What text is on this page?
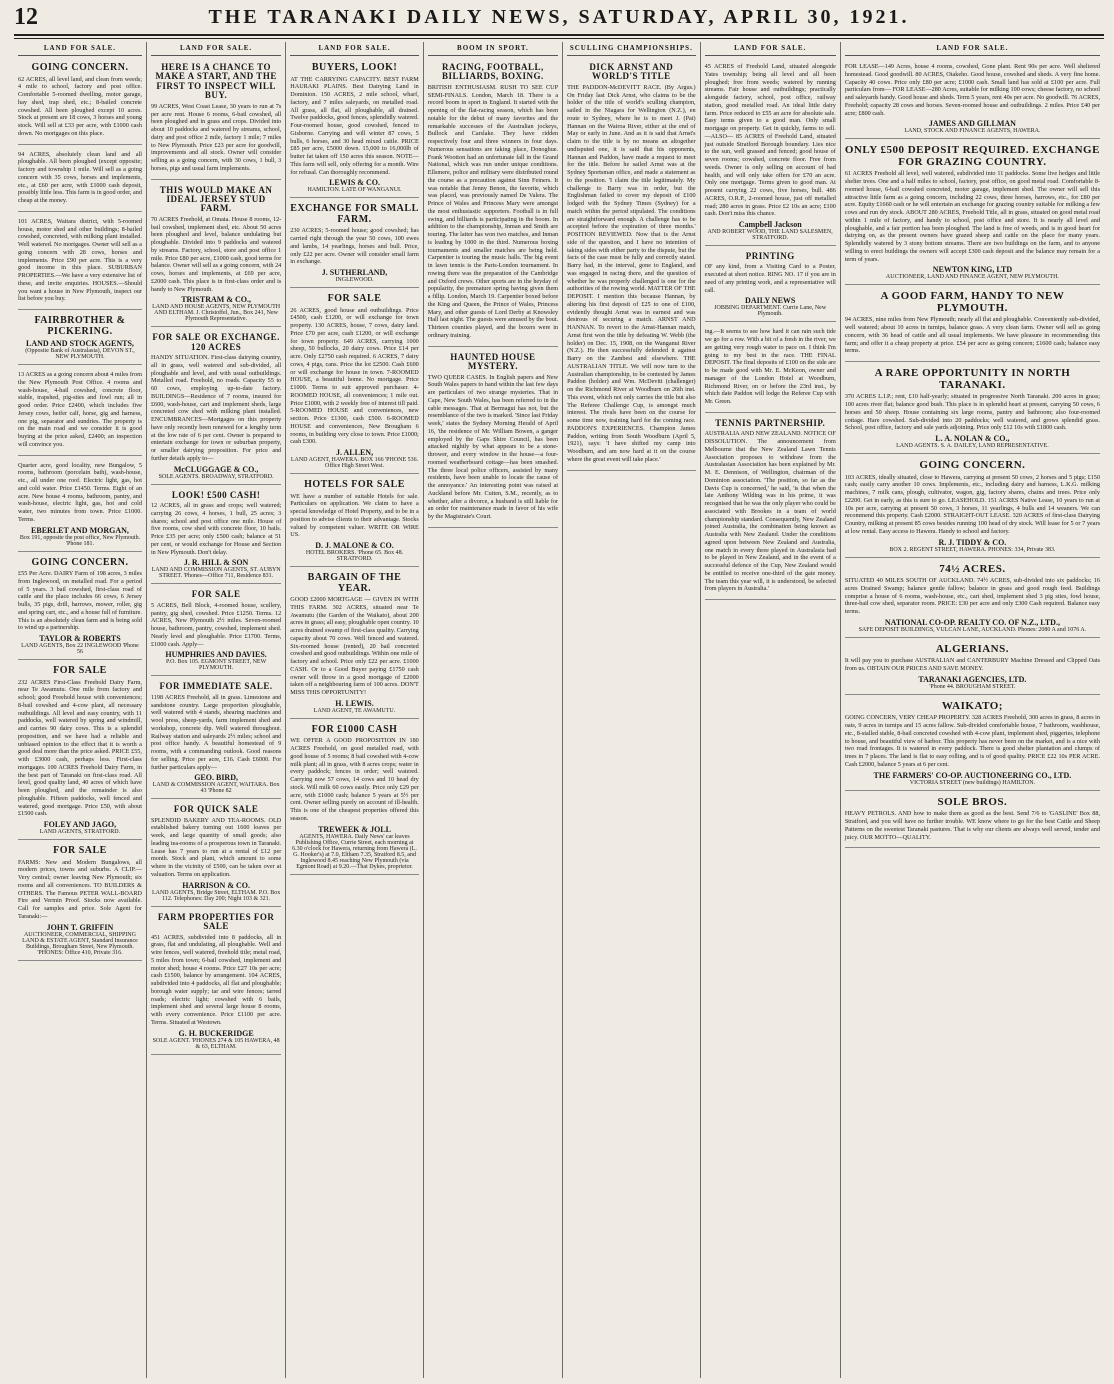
12	THE TARANAKI DAILY NEWS, SATURDAY, APRIL 30, 1921.
LAND FOR SALE.
GOING CONCERN.
62 ACRES, all level land, and clean from weeds; 4 mile to school, factory and post office. Comfortable 5-roomed dwelling, motor garage, hay shed, trap shed, etc.; 8-bailed concrete cowshed. All been ploughed except 10 acres. Stock at present are 18 cows, 3 horses and young stock. Will sell at £33 per acre, with £1000 cash down. No mortgages on this place.
94 ACRES, absolutely clean land and all ploughable. All been ploughed (except opposite; factory and township 1 mile. Will sell as a going concern with 35 cows, horses and implements, etc., at £60 per acre, with £1000 cash deposit, possibly little less. This farm is in good order, and cheap at the money.
101 ACRES, Waitara district, with 5-roomed house, motor shed and other buildings; 8-bailed cowshed, concreted, with milking plant installed. Well watered. No mortgages. Owner will sell as a going concern with 28 cows, horses and implements. Price £90 per acre. This is a very good income in this place. SUBURBAN PROPERTIES.—We have a very extensive list of these, and invite enquiries. HOUSES.—Should you want a house in New Plymouth, inspect our list before you buy.
FAIRBROTHER & PICKERING.
LAND AND STOCK AGENTS,
(Opposite Bank of Australasia), DEVON ST., NEW PLYMOUTH.
13 ACRES as a going concern about 4 miles from the New Plymouth Post Office. 4 rooms and wash-house, 4-bail cowshed, concrete floor, stable, trapshed, pig-sties and fowl run; all in good order. Price £2400, which includes five Jersey cows, heifer calf, horse, gig and harness, one pig, separator and sundries. The property is on the main road and we consider it is good buying at the price asked, £2400; an inspection will convince you.
Quarter acre, good locality, new Bungalow, 5 rooms, bathroom (porcelain bath), wash-house, etc., all under one roof. Electric light, gas, hot and cold water. Price £1450. Terms. Eight of an acre. New house 4 rooms, bathroom, pantry, and wash-house, electric light, gas, hot and cold water, two minutes from town. Price £1000. Terms.
EBERLET AND MORGAN,
Box 191, opposite the post office, New Plymouth. 'Phone 181.
GOING CONCERN.
£55 Per Acre. DAIRY Farm of 198 acres, 3 miles from Inglewood, on metalled road. For a period of 5 years. 3 bail cowshed, first-class road of cattle and the place includes 66 cows, 6 Jersey bulls, 35 pigs, drill, harrows, mower, roller, gig and spring cart, etc., and a house full of furniture. This is an absolutely clean farm and is being sold to wind up a partnership.
TAYLOR & ROBERTS
LAND AGENTS, Box 22 INGLEWOOD 'Phone 56
FOR SALE
232 ACRES First-Class Freehold Dairy Farm, near Te Awamutu. One mile from factory and school; good Freehold house with conveniences; 8-bail cowshed and 4-cow plant, all necessary outbuildings. All level and easy country, with 11 paddocks, well watered by spring and windmill, and carries 90 dairy cows. This is a splendid proposition, and we have had a reliable and unbiased opinion to the effect that it is worth a good deal more than the price asked. PRICE £55, with £3000 cash, perhaps less. First-class mortgages. 100 ACRES Freehold Dairy Farm, in the best part of Taranaki on first-class road. All level, good quality land, 40 acres of which have been ploughed, and the remainder is also ploughable. Fifteen paddocks, well fenced and watered, good mortgage. Price £50, with about £1500 cash.
FOLEY AND JAGO,
LAND AGENTS, STRATFORD.
FOR SALE
FARMS: New and Modern Bungalows, all modern prices, towns and suburbs. A CLIP.—Very central; owner leaving New Plymouth; six rooms and all conveniences. TO BUILDERS & OTHERS. The Famous PETER WALL-BOARD Fire and Vermin Proof. Stocks now available. Call for samples and price. Sole Agent for Taranaki:—
JOHN T. GRIFFIN
AUCTIONEER, COMMERCIAL, SHIPPING LAND & ESTATE AGENT, Standard Insurance Buildings, Brougham Street, New Plymouth. 'PHONES: Office 410, Private 316.
LAND FOR SALE.
HERE IS A CHANCE TO MAKE A START, AND THE FIRST TO INSPECT WILL BUY.
99 ACRES, West Coast Lease, 30 years to run at 7s per acre rent. House 6 rooms, 6-bail cowshed, all been ploughed and in grass and crops. Divided into about 10 paddocks and watered by streams, school, dairy and post office 2 mile, factory 1 mile; 7 miles to New Plymouth. Price £23 per acre for goodwill, improvements and all stock. Owner will consider selling as a going concern, with 30 cows, 1 bull, 3 horses, pigs and usual farm implements.
THIS WOULD MAKE AN IDEAL JERSEY STUD FARM.
70 ACRES Freehold, at Omata. House 8 rooms, 12-bail cowshed, implement shed, etc. About 50 acres been ploughed and level, balance undulating but ploughable. Divided into 9 paddocks and watered by streams. Factory, school, store and post office 1 mile. Price £80 per acre, £1000 cash, good terms for balance. Owner will sell as a going concern, with 24 cows, horses and implements, at £69 per acre, £2000 cash. This place is in first-class order and is handy to New Plymouth.
TRISTRAM & CO.,
LAND AND HOUSE AGENTS, NEW PLYMOUTH AND ELTHAM. J. Christoffel, Jun., Box 241, New Plymouth Representative.
FOR SALE OR EXCHANGE. 120 ACRES
HANDY SITUATION. First-class dairying country, all in grass, well watered and sub-divided, all ploughable and level, and with usual outbuildings. Metalled road. Freehold, no roads. Capacity 55 to 60 cows, employing up-to-date factory. BUILDINGS—Residence of 7 rooms, insured for £600, wash-house, cart and implement sheds, large concreted cow shed with milking plant installed. ENCUMBRANCES—Mortgages on this property have only recently been renewed for a lengthy term at the low rate of 6 per cent. Owner is prepared to entertain exchange for town or suburban property, or smaller dairying proposition. For price and further details apply to—
McCLUGGAGE & CO.,
SOLE AGENTS. BROADWAY, STRATFORD.
LOOK! £500 CASH!
12 ACRES, all in grass and crops; well watered; carrying 26 cows, 4 horses, 1 bull, 25 acres; 3 shares; school and post office one mile. House of five rooms, cow shed with concrete floor, 10 bails. Price £35 per acre; only £500 cash; balance at 51 per cent, or would exchange for House and Section in New Plymouth. Don't delay.
J. R. HILL & SON
LAND AND COMMISSION AGENTS, ST. AUBYN STREET. 'Phones—Office 711, Residence 831.
FOR SALE
5 ACRES, Bell Block, 4-roomed house, scullery, pantry, gig shed, cowshed. Price £1250. Terms. 12 ACRES, New Plymouth 2½ miles. Seven-roomed house, bathroom, pantry, cowshed, implement shed. Nearly level and ploughable. Price £1700. Terms, £1000 cash. Apply—
HUMPHRIES AND DAVIES.
P.O. Box 105. EGMONT STREET, NEW PLYMOUTH.
FOR IMMEDIATE SALE.
1198 ACRES Freehold, all in grass. Limestone and sandstone country. Large proportion ploughable, well watered with 4 stands, shearing machines and wool press, sheep-yards, farm implement shed and workshop, concrete dip. Well watered throughout. Railway station and saleyards 2½ miles; school and post office handy. A beautiful homestead of 9 rooms, with a commanding outlook. Good reasons for selling. Price per acre, £16. Cash £6000. For further particulars apply—
GEO. BIRD,
LAND & COMMISSION AGENT, WAITARA. Box 43 'Phone 82
FOR QUICK SALE
SPLENDID BAKERY AND TEA-ROOMS. OLD established bakery turning out 1600 loaves per week, and large quantity of small goods; also leading tea-rooms of a prosperous town in Taranaki. Lease has 7 years to run at a rental of £12 per month. Stock and plant, which amount to some where in the vicinity of £500, can be taken over at valuation. Terms on application.
HARRISON & CO.
LAND AGENTS, Bridge Street, ELTHAM. P.O. Box 112. Telephones: Day 200; Night 103 & 321.
FARM PROPERTIES FOR SALE
451 ACRES, subdivided into 8 paddocks, all in grass, flat and undulating, all ploughable. Well and wire fences, well watered, freehold title; metal road, 5 miles from town; 6-bail cowshed, implement and motor shed; house 4 rooms. Price £27 10s per acre; cash £1500, balance by arrangement. 104 ACRES, subdivided into 4 paddocks, all flat and ploughable; borough water supply; tar and wire fences; tarred roads; electric light; cowshed with 6 bails, implement shed and several large house 8 rooms, with every convenience. Price £1100 per acre. Terms. Situated at Westown.
G. H. BUCKERIDGE
SOLE AGENT. 'PHONES 274 & 105 HAWERA, 48 & 63, ELTHAM.
LAND FOR SALE.
BUYERS, LOOK!
AT THE CARRYING CAPACITY. BEST FARM HAURAKI PLAINS. Best Dairying Land in Dominion. 150 ACRES, 2 mile school, wharf, factory, and 7 miles saleyards, on metalled road. All grass, all flat, all ploughable, all drained. Twelve paddocks, good fences, splendidly watered. Four-roomed house, good cowshed, fenced to Gisborne. Carrying and will winter 87 cows, 5 bulls, 6 horses, and 30 head mixed cattle. PRICE £85 per acre, £5000 down. 15,000 to 16,000lb of butter fat taken off 150 acres this season. NOTE—This farm will sell, only offering for a month. Wire for refusal. Can thoroughly recommend.
LEWIS & CO.
HAMILTON. LATE OF WANGANUI.
EXCHANGE FOR SMALL FARM.
230 ACRES; 5-roomed house; good cowshed; has carried right through the year 50 cows, 100 ewes and lambs, 14 yearlings, horses and bull. Price, only £22 per acre. Owner will consider small farm in exchange.
J. SUTHERLAND,
INGLEWOOD.
FOR SALE
26 ACRES, good house and outbuildings. Price £4500, cash £1200, or will exchange for town property. 130 ACRES, house, 7 cows, dairy land. Price £70 per acre, cash £1200, or will exchange for town property. 649 ACRES, carrying 1000 sheep, 50 bullocks, 20 dairy cows. Price £14 per acre. Only £2750 cash required. 6 ACRES, 7 dairy cows, 4 pigs, cans. Price the lot £2500. Cash £600 or will exchange for house in town. 7-ROOMED HOUSE, a beautiful home. No mortgage. Price £1000. Terms to suit approved purchaser. 4-ROOMED HOUSE, all conveniences; 1 mile out. Price £1000, with 2 weekly free of interest till paid. 5-ROOMED HOUSE and conveniences, new section. Price £1300, cash £500. 6-ROOMED HOUSE and conveniences, New Brougham 6 rooms, in building very close to town. Price £1000; cash £300.
J. ALLEN,
LAND AGENT, HAWERA. BOX 166 'PHONE 536. Office High Street West.
HOTELS FOR SALE
WE have a number of suitable Hotels for sale. Particulars on application. We claim to have a special knowledge of Hotel Property, and to be in a position to advise clients to their advantage. Stocks valued by competent valuer. WRITE OR WIRE US.
D. J. MALONE & CO.
HOTEL BROKERS. 'Phone 65. Box 48. STRATFORD.
BARGAIN OF THE YEAR.
GOOD £2000 MORTGAGE — GIVEN IN WITH THIS FARM. 302 ACRES, situated near Te Awamutu (the Garden of the Waikato), about 200 acres in grass; all easy, ploughable open country. 10 acres drained swamp of first-class quality. Carrying capacity about 70 cows. Well fenced and watered. Six-roomed house (rented), 20 bail concreted cowshed and good outbuildings. Within one mile of factory and school. Price only £22 per acre. £1000 CASH. Or to a Good Buyer paying £1750 cash owner will throw in a good mortgage of £2000 taken off a neighbouring farm of 100 acres. DON'T MISS THIS OPPORTUNITY!
H. LEWIS.
LAND AGENT, TE AWAMUTU.
FOR £1000 CASH
WE OFFER A GOOD PROPOSITION IN 180 ACRES Freehold, on good metalled road, with good house of 5 rooms; 8 bail cowshed with 4-cow milk plant; all in grass, with 8 acres crops; water in every paddock; fences in order; well watered. Carrying now 57 cows, 14 cows and 10 head dry stock. Will milk 60 cows easily. Price only £29 per acre, with £1000 cash; balance 5 years at 5½ per cent. Owner selling purely on account of ill-health. This is one of the cheapest properties offered this season.
TREWEEK & JOLL
AGENTS, HAWERA. Daily News' car leaves Publishing Office, Currie Street, each morning at 6.30 o'clock for Hawera, returning from Hawera (L. G. Hooker's) at 7.0, Eltham 7.35, Stratford 8.5, and Inglewood 8.45 reaching New Plymouth (via Egmont Road) at 9.20.—That Dykes, proprietor.
BOOM IN SPORT.
RACING, FOOTBALL, BILLIARDS, BOXING.
BRITISH ENTHUSIASM. RUSH TO SEE CUP SEMI-FINALS. London, March 18. There is a record boom in sport in England. It started with the opening of the flat-racing season, which has been notable for the debut of many favorites and the remarkable successes of the Australian jockeys, Bullock and Carslake. They have ridden respectively four and three winners in four days. Numerous sensations are taking place, Donoghue. Frank Wootton had an unfortunate fall in the Grand National, which was run under unique conditions. Ellsmere, police and military were distributed round the course as a precaution against Sinn Feiners. It was notable that Jenny Benon, the favorite, which was placed, was previously named De Valera. The Prince of Wales and Princess Mary were amongst the most enthusiastic supporters. Football is in full swing, and billiards is participating in the boom. In addition to the championship, Inman and Smith are touring. The latter has won two matches, and Inman is leading by 1000 in the third. Numerous boxing tournaments and smaller matches are being held. Carpentier is touring the music halls. The big event in lawn tennis is the Paris-London tournament. In rowing there was the preparation of the Cambridge and Oxford crews. Other sports are in the heyday of popularity, the premature spring having given them a fillip. London, March 19. Carpentier boxed before the King and Queen, the Prince of Wales, Princess Mary, and other guests of Lord Derby at Knowsley Hall last night. The guests were amused by the bout. Thirteen counties played, and the boxers were in ordinary training.
HAUNTED HOUSE MYSTERY.
TWO QUEER CASES. In English papers and New South Wales papers to hand within the last few days are particulars of two strange mysteries. That in Cape, New South Wales, has been referred to in the cable messages. That at Bermagui has not, but the resemblance of the two is marked. 'Since last Friday week,' states the Sydney Morning Herald of April 16, 'the residence of Mr. William Bowen, a ganger employed by the Gaps Shire Council, has been attacked nightly by what appears to be a stone-thrower, and every window in the house—a four-roomed weatherboard cottage—has been smashed. The three local police officers, assisted by many residents, have been unable to locate the cause of the annoyance.' An interesting point was raised at Auckland before Mr. Cutten, S.M., recently, as to whether, after a divorce, a husband is still liable for an order for maintenance made in favor of his wife by the Magistrate's Court.
SCULLING CHAMPIONSHIPS.
DICK ARNST AND WORLD'S TITLE
THE PADDON-McDEVITT RACE. (By Argus.) On Friday last Dick Arnst, who claims to be the holder of the title of world's sculling champion, sailed in the Niagara for Wellington (N.Z.), en route to Sydney, where he is to meet J. (Pat) Hannan on the Wairoa River, either at the end of May or early in June. And as it is said that Arnst's claim to the title is by no means an altogether undisputed one, it is said that his opponents, Hannan and Paddon, have made a request to meet for the title. Before he sailed Arnst was at the Sydney Sportsman office, and made a statement as to the position. 'I claim the title legitimately. My challenge to Barry was in order, but the Englishman failed to cover my deposit of £100 lodged with the Sydney Times (Sydney) for a match within the period stipulated. The conditions are straightforward enough. A challenge has to be accepted before the expiration of three months.' POSITION REVIEWED. Now that is the Arnst side of the question, and I have no intention of taking sides with either party to the dispute, but the facts of the case must be fully and correctly stated. Barry had, in the interval, gone to England, and was engaged in racing there, and the question of whether he was properly challenged is one for the authorities of the rowing world. MATTER OF THE DEPOSIT. I mention this because Hannan, by altering his first deposit of £25 to one of £100, evidently thought Arnst was in earnest and was desirous of securing a match. ARNST AND HANNAN. To revert to the Arnst-Hannan match, Arnst first won the title by defeating W. Webb (the holder) on Dec. 15, 1908, on the Wanganui River (N.Z.). He then successfully defended it against Barry on the Zambesi and elsewhere. THE AUSTRALIAN TITLE. We will now turn to the Australian championship, to be contested by James Paddon (holder) and Wm. McDevitt (challenger) on the Richmond River at Woodburn on 26th inst. This event, which not only carries the title but also The Referee Challenge Cup, is amongst much interest. The rivals have been on the course for some time now, training hard for the coming race. PADDON'S EXPERIENCES. Champion James Paddon, writing from South Woodburn (April 5, 1921), says: 'I have shifted my camp into Woodburn, and am now hard at it on the course where the great event will take place.'
LAND FOR SALE.
45 ACRES of Freehold Land, situated alongside Yates township; being all level and all been ploughed; free from weeds; watered by running streams. Fair house and outbuildings; practically alongside factory, school, post office, railway station, good metalled road. An ideal little dairy farm. Price reduced to £55 an acre for absolute sale. Easy terms given to a good man. Only small mortgage on property. Get in quickly, farms to sell. —ALSO— 85 ACRES of Freehold Land, situated just outside Stratford Borough boundary. Lies nice to the sun, well grassed and fenced; good house of seven rooms; cowshed, concrete floor. Free from weeds. Owner is only selling on account of bad health, and will only take offers for £70 an acre. Only one mortgage. Terms given to good man. At present carrying 22 cows, five horses, bull. 486 ACRES, O.R.P., 2-roomed house, just off metalled road; 280 acres in grass. Price £2 10s an acre; £100 cash. Don't miss this chance.
Campbell Jackson
AND ROBERT WOOD, THE LAND SALESMEN, STRATFORD.
PRINTING
OF any kind, from a Visiting Card to a Poster, executed at short notice. RING NO. 17 if you are in need of any printing work, and a representative will call.
DAILY NEWS
JOBBING DEPARTMENT. Currie Lane, New Plymouth.
ing.—It seems to see how hard it can rain such tide we go for a row. With a bit of a fresh in the river, we are getting very rough water to pace on. I think I'm going to my best in the race. THE FINAL DEPOSIT. The final deposits of £100 on the side are to be made good with Mr. E. McKeon, owner and manager of the London Hotel at Woodburn, Richmond River, on or before the 23rd inst., by which date Paddon will lodge the Referee Cup with Mr. Green.
TENNIS PARTNERSHIP.
AUSTRALIA AND NEW ZEALAND. NOTICE OF DISSOLUTION. The announcement from Melbourne that the New Zealand Lawn Tennis Association proposes to withdraw from the Australasian Association has been explained by Mr. M. E. Dennison, of Wellington, chairman of the Dominion association. 'The position, so far as the Davis Cup is concerned,' he said, 'is that when the late Anthony Wilding was in his prime, it was recognised that he was the only player who could be associated with Brookes in a team of world championship standard. Consequently, New Zealand joined Australia, the combination being known as Australia with New Zealand. Under the conditions agreed upon between New Zealand and Australia, one match in every three played in Australasia had to be played in New Zealand, and in the event of a successful defence of the Cup, New Zealand would be entitled to receive one-third of the gate money. The team this year will, it is understood, be selected from players in Australia.'
LAND FOR SALE.
FOR LEASE—149 Acres, house 4 rooms, cowshed, Gone plant. Rent 90s per acre. Well sheltered homestead. Good goodwill. 80 ACRES, Otakeho. Good house, cowshed and sheds. A very fine home. Capacity 40 cows. Price only £80 per acre; £1000 cash. Small land has sold at £100 per acre. Full particulars from— FOR LEASE—280 Acres, suitable for milking 100 cows; cheese factory, no school and saleyards handy. Good house and sheds. Term 5 years, rent 40s per acre. No goodwill. 76 ACRES, Freehold; capacity 28 cows and horses. Seven-roomed house and outbuildings. 2 miles. Price £40 per acre; £800 cash.
JAMES AND GILLMAN
LAND, STOCK AND FINANCE AGENTS, HAWERA.
ONLY £500 DEPOSIT REQUIRED. EXCHANGE FOR GRAZING COUNTRY.
61 ACRES Freehold all level, well watered, subdivided into 11 paddocks. Some live hedges and little shelter trees. One and a half miles to school, factory, post office, on good metal road. Comfortable 8-roomed house, 6-bail cowshed concreted, motor garage, implement shed. The owner will sell this attractive little farm as a going concern, including 22 cows, three horses, harrows, etc., for £80 per acre. Equity £1660 cash or he will entertain an exchange for grazing country suitable for milking a few cows and run dry stock. ABOUT 280 ACRES, Freehold Title, all in grass, situated on good metal road within 1 mile of factory, and handy to school, post office and store. It is nearly all level and ploughable, and a fair portion has been ploughed. The land is free of weeds, and is in good heart for dairying on, as the present owners have grazed sheep and cattle on the place for many years. Splendidly watered by 3 stony bottom streams. There are two buildings on the farm, and to anyone willing to erect buildings the owners will accept £300 cash deposit and the balance may remain for a term of years.
NEWTON KING, LTD
AUCTIONEER, LAND AND FINANCE AGENT, NEW PLYMOUTH.
A GOOD FARM, HANDY TO NEW PLYMOUTH.
94 ACRES, nine miles from New Plymouth; nearly all flat and ploughable. Conveniently sub-divided, well watered; about 10 acres in turnips, balance grass. A very clean farm. Owner will sell as going concern, with 36 head of cattle and all usual implements. We have pleasure in recommending this farm; and offer it a cheap property at price. £54 per acre as going concern; £1600 cash; balance easy terms.
A RARE OPPORTUNITY IN NORTH TARANAKI.
370 ACRES L.I.P.; rent, £10 half-yearly; situated in progressive North Taranaki. 200 acres in grass; 100 acres river flat; balance good bush. This place is in splendid heart at present, carrying 50 cows, 6 horses and 50 sheep. House containing six large rooms, pantry and bathroom; also four-roomed cottage. Hare cowshed. Sub-divided into 20 paddocks; well watered, and grows splendid grass. School, post office, factory and sale yards adjoining. Price only £12 10s with £1800 cash.
L. A. NOLAN & CO.,
LAND AGENTS. S. A. DAILEY, LAND REPRESENTATIVE.
GOING CONCERN.
103 ACRES, ideally situated, close to Hawera, carrying at present 50 cows, 2 horses and 5 pigs; £150 cash; easily carry another 10 cows. Implements, etc., including dairy and harness, L.K.G. milking machines, 7 milk cans, plough, cultivator, wagon, gig, factory shares, chains and trees. Price only £2200. Get in early, as this is sure to go. LEASEHOLD. 151 ACRES Native Lease, 10 years to run at 10s per acre, carrying at present 50 cows, 3 horses, 11 yearlings, 4 bulls and 14 weaners. We can recommend this property. Cash £2000. STRAIGHT-OUT LEASE. 320 ACRES of first-class Dairying Country, milking at present 85 cows besides running 100 head of dry stock. Will lease for 5 or 7 years at low rental. Easy access to Hawera. Handy to school and factory.
R. J. TIDDY & CO.
BOX 2. REGENT STREET, HAWERA. PHONES: 334, Private 383.
74½ ACRES.
SITUATED 40 MILES SOUTH OF AUCKLAND. 74½ ACRES, sub-divided into six paddocks; 16 acres Drained Swamp; balance gentle fallow; balance in grass and good rough feed. Buildings comprise a house of 6 rooms, wash-house, etc., cart shed, implement shed 3 pig sties, fowl house, three-bail cow shed, separator room. PRICE: £30 per acre and only £300 Cash required. Balance easy terms.
NATIONAL CO-OP. REALTY CO. OF N.Z., LTD.,
SAFE DEPOSIT BUILDINGS, VULCAN LANE, AUCKLAND. Phones: 2080 A and 1076 A.
ALGERIANS.
It will pay you to purchase AUSTRALIAN and CANTERBURY Machine Dressed and Clipped Oats from us. OBTAIN OUR PRICES AND SAVE MONEY.
TARANAKI AGENCIES, LTD.
'Phone 44. BROUGHAM STREET.
WAIKATO;
GOING CONCERN, VERY CHEAP PROPERTY. 328 ACRES Freehold, 300 acres in grass, 8 acres in oats, 9 acres in turnips and 15 acres fallow. Sub-divided comfortable house, 7 bathroom, washhouse, etc., 8-stalled stable, 8-bail concreted cowshed with 4-cow plant, implement shed, piggeries, telephone to house, and beautiful view of harbor. This property has never been on the market, and is a nice with two road frontages. It is watered in every paddock. There is good shelter plantation and clumps of trees in 7 places. The land is flat to easy rolling, and is of good quality. PRICE £22 10s PER ACRE. Cash £2000, balance 5 years at 6 per cent.
THE FARMERS' CO-OP. AUCTIONEERING CO., LTD.
VICTORIA STREET (new buildings) HAMILTON.
SOLE BROS.
HEAVY PETROLS. AND how to make them as good as the best. Send 7/6 to 'GASLINE' Box 88, Stratford, and you will have no further trouble. WE know where to go for the best Cattle and Sheep Patterns on the sweetest Taranaki pastures. That is why our clients are always well served, tender and juicy. OUR MOTTO—QUALITY.
